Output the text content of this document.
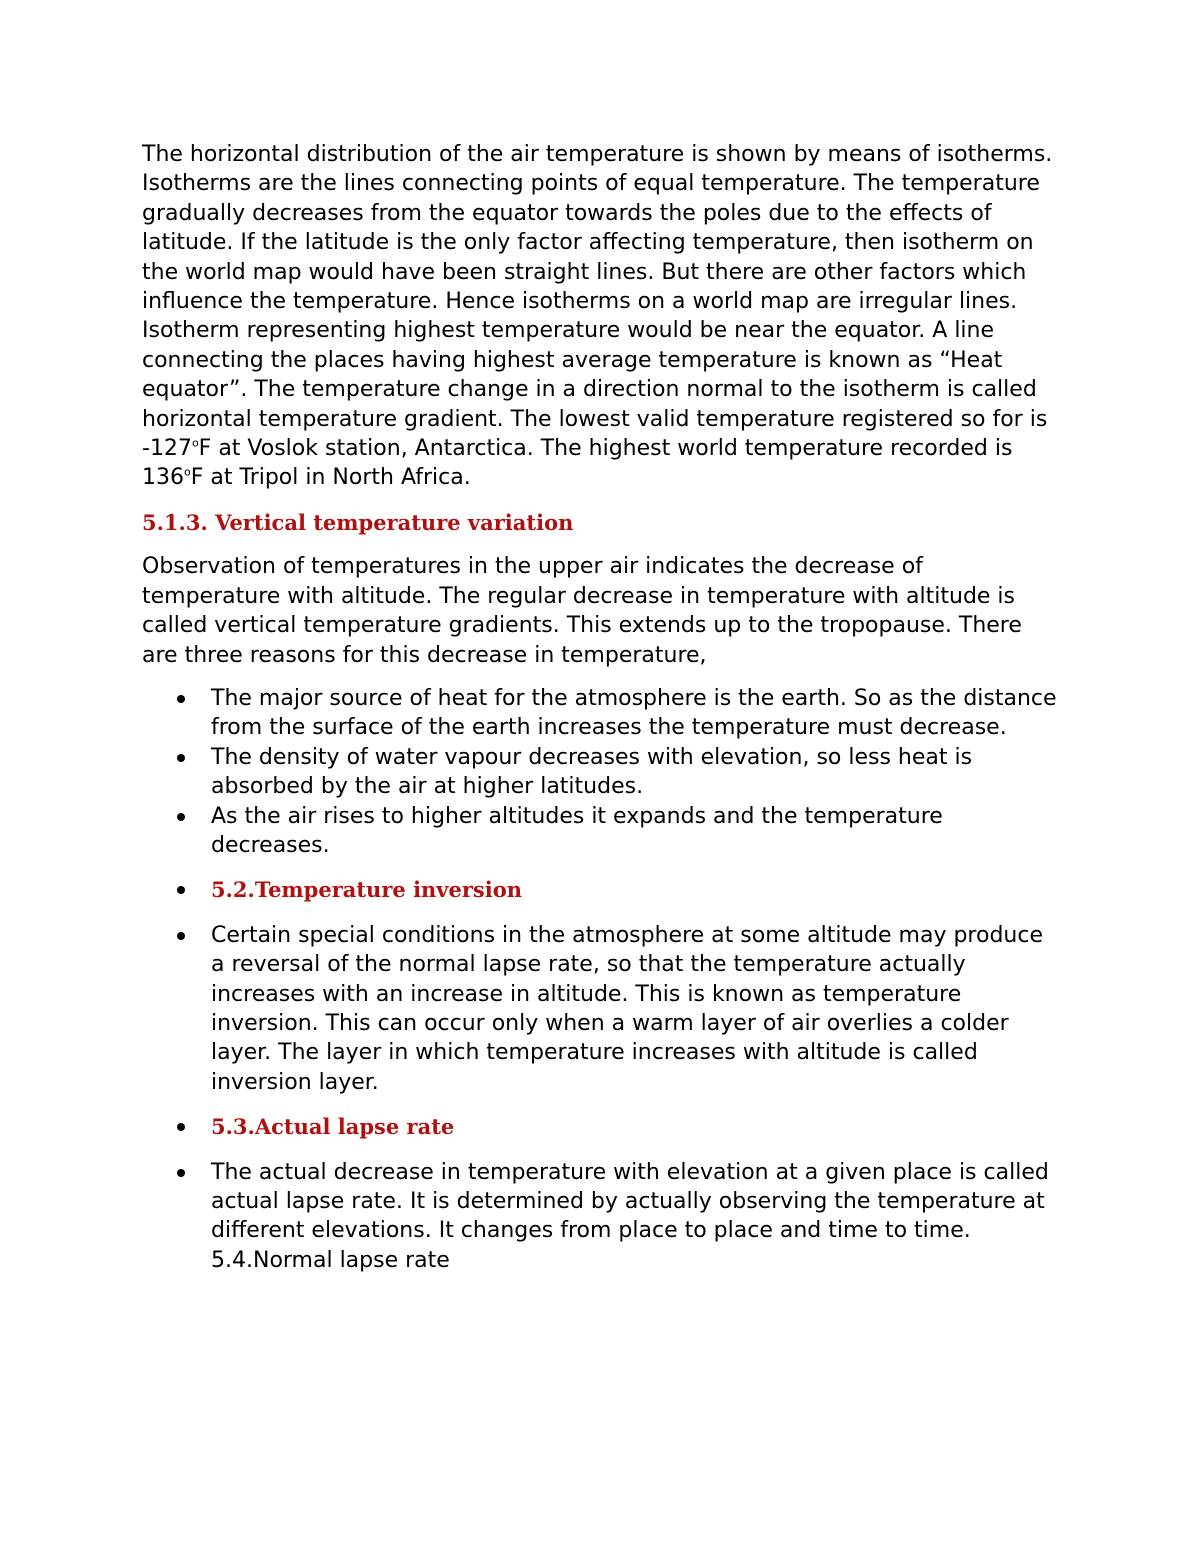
The horizontal distribution of the air temperature is shown by means of isotherms. Isotherms are the lines connecting points of equal temperature. The temperature gradually decreases from the equator towards the poles due to the effects of latitude. If the latitude is the only factor affecting temperature, then isotherm on the world map would have been straight lines. But there are other factors which influence the temperature. Hence isotherms on a world map are irregular lines. Isotherm representing highest temperature would be near the equator. A line connecting the places having highest average temperature is known as “Heat equator”. The temperature change in a direction normal to the isotherm is called horizontal temperature gradient. The lowest valid temperature registered so for is -127$^o$F at Voslok station, Antarctica. The highest world temperature recorded is 136$^o$F at Tripol in North Africa.

5.1.3. Vertical temperature variation

Observation of temperatures in the upper air indicates the decrease of temperature with altitude. The regular decrease in temperature with altitude is called vertical temperature gradients. This extends up to the tropopause. There are three reasons for this decrease in temperature,

The major source of heat for the atmosphere is the earth. So as the distance from the surface of the earth increases the temperature must decrease.
The density of water vapour decreases with elevation, so less heat is absorbed by the air at higher latitudes.
As the air rises to higher altitudes it expands and the temperature decreases.
5.2.Temperature inversion
Certain special conditions in the atmosphere at some altitude may produce a reversal of the normal lapse rate, so that the temperature actually increases with an increase in altitude. This is known as temperature inversion. This can occur only when a warm layer of air overlies a colder layer. The layer in which temperature increases with altitude is called inversion layer.
5.3.Actual lapse rate
The actual decrease in temperature with elevation at a given place is called actual lapse rate. It is determined by actually observing the temperature at different elevations. It changes from place to place and time to time.
5.4.Normal lapse rate
